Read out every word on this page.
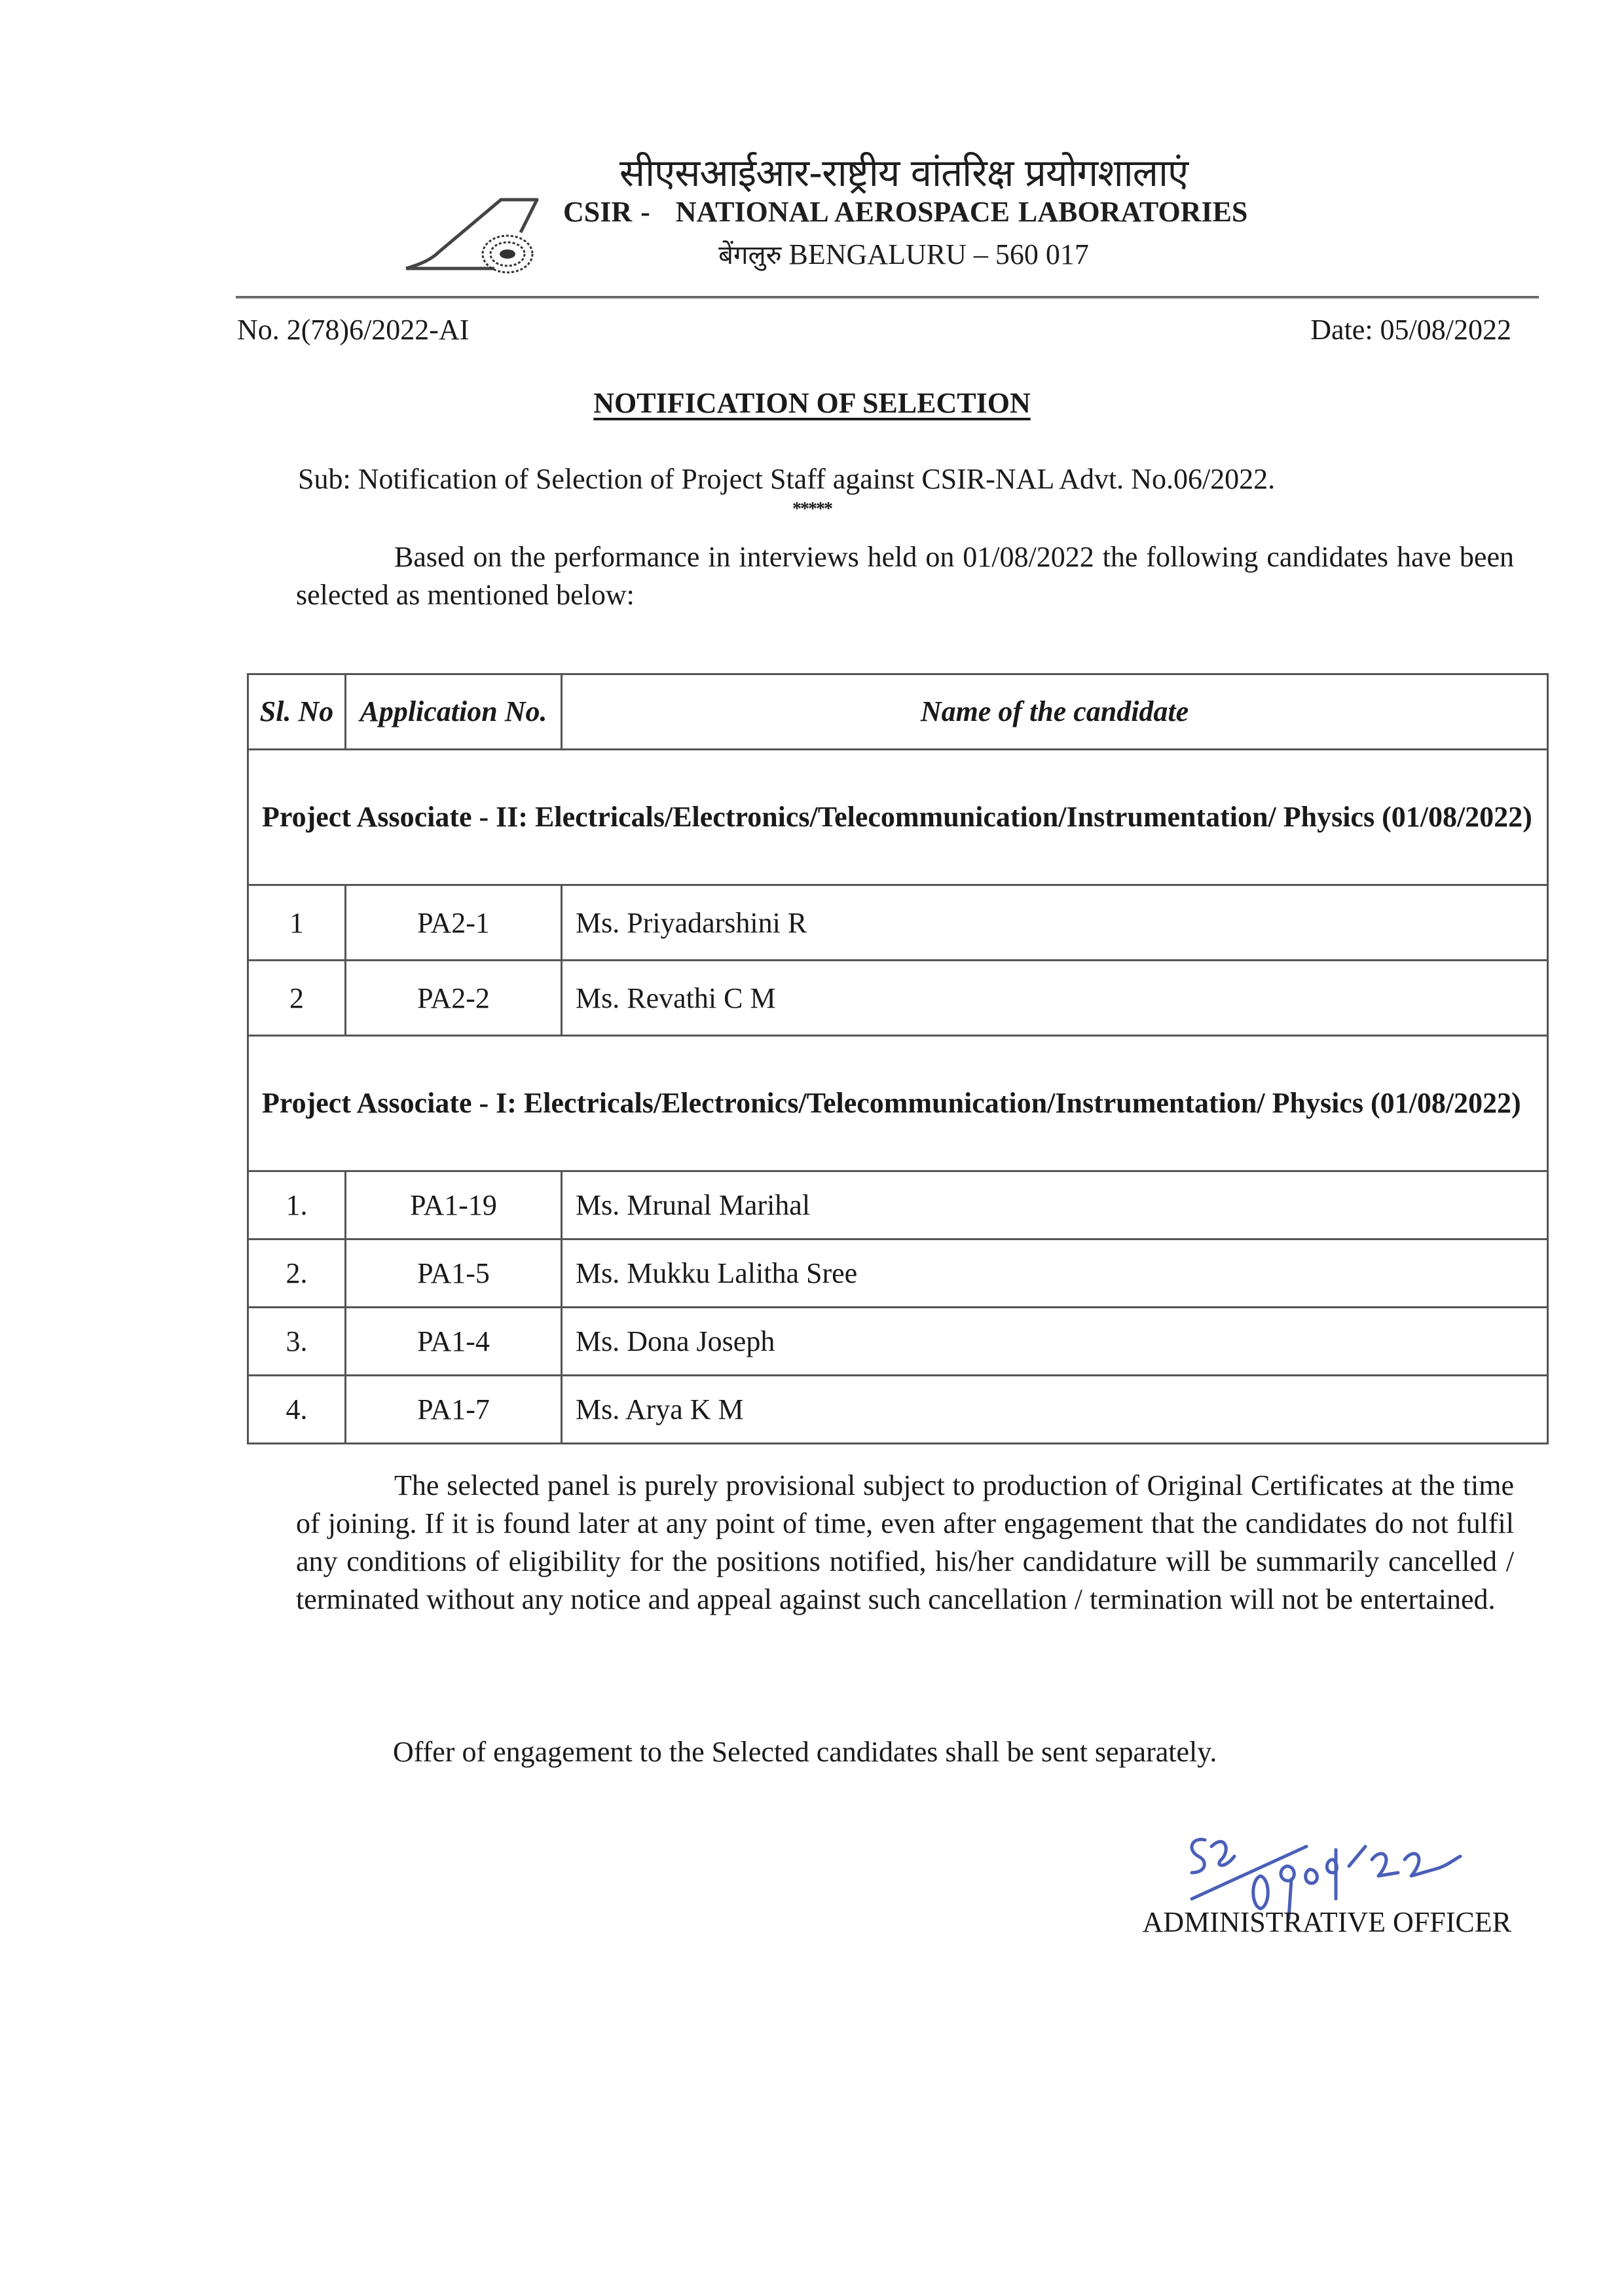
सीएसआईआर-राष्ट्रीय वांतरिक्ष प्रयोगशालाएं
CSIR -   NATIONAL AEROSPACE LABORATORIES
बेंगलुरु BENGALURU – 560 017
No. 2(78)6/2022-AI	Date: 05/08/2022
NOTIFICATION OF SELECTION
Sub: Notification of Selection of Project Staff against CSIR-NAL Advt. No.06/2022.
*****
Based on the performance in interviews held on 01/08/2022 the following candidates have been selected as mentioned below:
Sl. No	Application No.	Name of the candidate
Project Associate - II: Electricals/Electronics/Telecommunication/Instrumentation/ Physics (01/08/2022)		
1	PA2-1	Ms. Priyadarshini R
2	PA2-2	Ms. Revathi C M
Project Associate - I: Electricals/Electronics/Telecommunication/Instrumentation/ Physics (01/08/2022)		
1.	PA1-19	Ms. Mrunal Marihal
2.	PA1-5	Ms. Mukku Lalitha Sree
3.	PA1-4	Ms. Dona Joseph
4.	PA1-7	Ms. Arya K M
The selected panel is purely provisional subject to production of Original Certificates at the time of joining. If it is found later at any point of time, even after engagement that the candidates do not fulfil any conditions of eligibility for the positions notified, his/her candidature will be summarily cancelled / terminated without any notice and appeal against such cancellation / termination will not be entertained.
Offer of engagement to the Selected candidates shall be sent separately.
ADMINISTRATIVE OFFICER
